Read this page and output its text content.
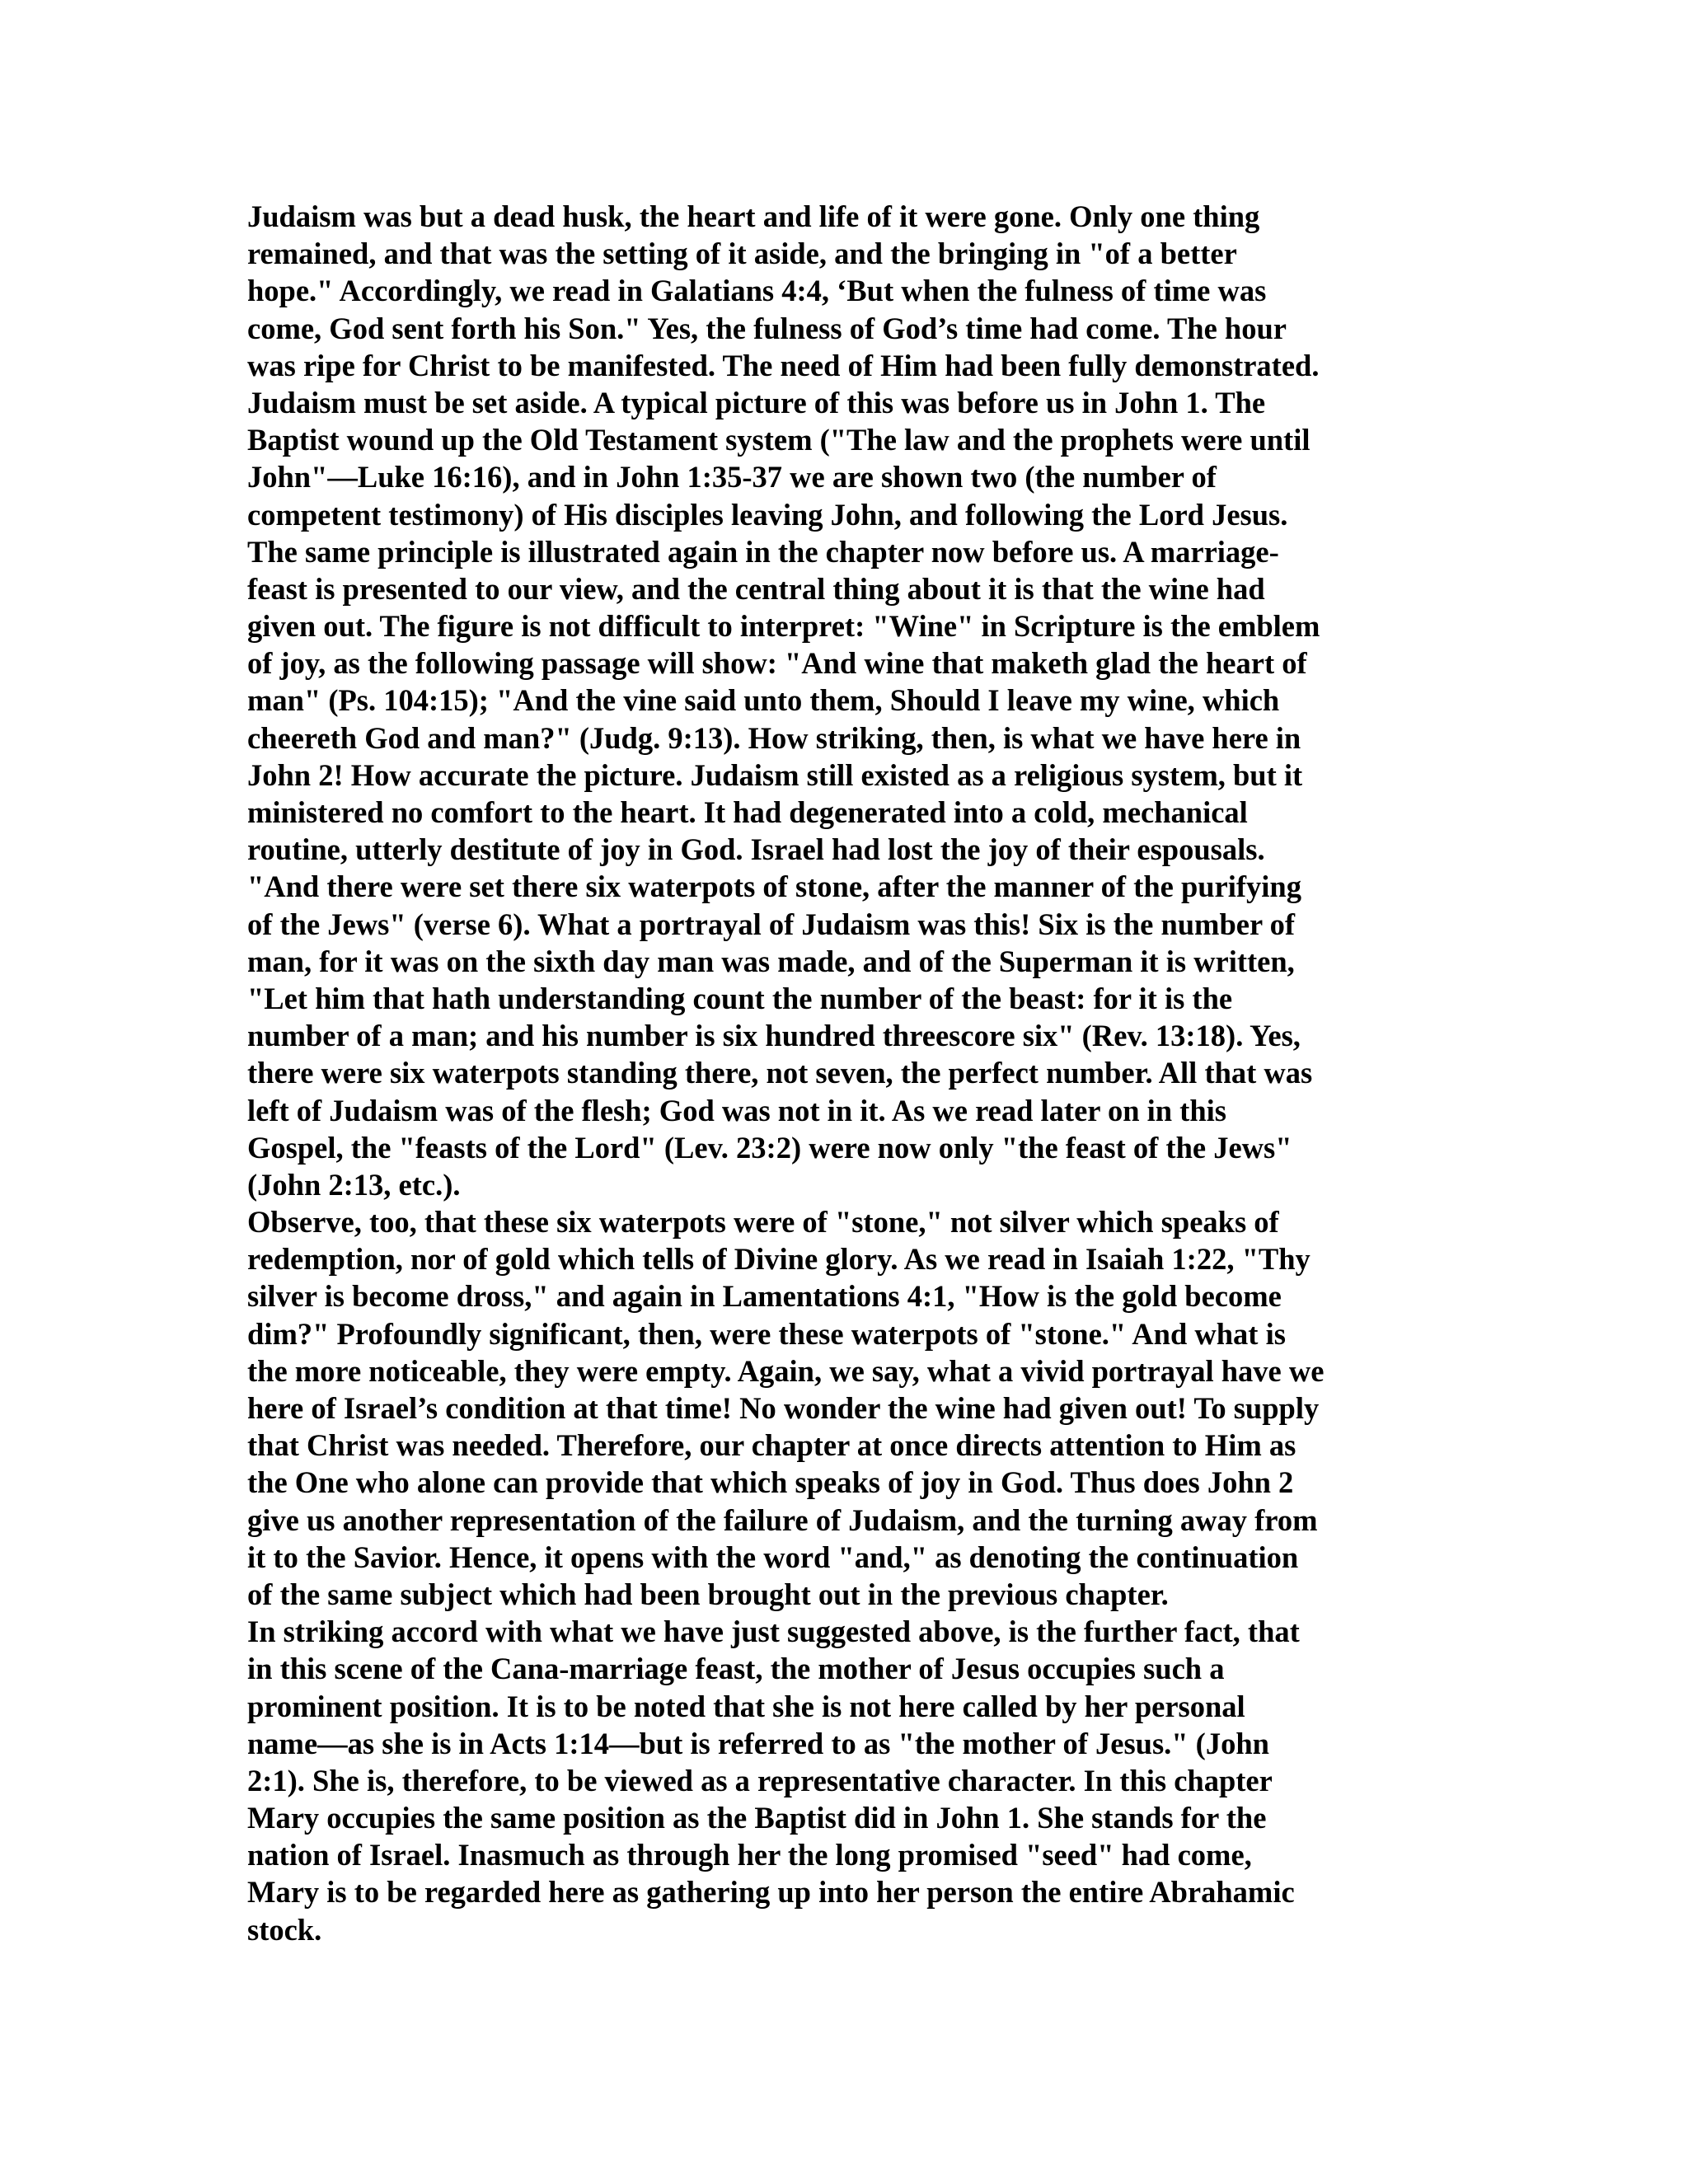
Judaism was but a dead husk, the heart and life of it were gone. Only one thing
remained, and that was the setting of it aside, and the bringing in "of a better
hope." Accordingly, we read in Galatians 4:4, ‘But when the fulness of time was
come, God sent forth his Son." Yes, the fulness of God’s time had come. The hour
was ripe for Christ to be manifested. The need of Him had been fully demonstrated.
Judaism must be set aside. A typical picture of this was before us in John 1. The
Baptist wound up the Old Testament system ("The law and the prophets were until
John"—Luke 16:16), and in John 1:35-37 we are shown two (the number of
competent testimony) of His disciples leaving John, and following the Lord Jesus.
The same principle is illustrated again in the chapter now before us. A marriage-
feast is presented to our view, and the central thing about it is that the wine had
given out. The figure is not difficult to interpret: "Wine" in Scripture is the emblem
of joy, as the following passage will show: "And wine that maketh glad the heart of
man" (Ps. 104:15); "And the vine said unto them, Should I leave my wine, which
cheereth God and man?" (Judg. 9:13). How striking, then, is what we have here in
John 2! How accurate the picture. Judaism still existed as a religious system, but it
ministered no comfort to the heart. It had degenerated into a cold, mechanical
routine, utterly destitute of joy in God. Israel had lost the joy of their espousals.
"And there were set there six waterpots of stone, after the manner of the purifying
of the Jews" (verse 6). What a portrayal of Judaism was this! Six is the number of
man, for it was on the sixth day man was made, and of the Superman it is written,
"Let him that hath understanding count the number of the beast: for it is the
number of a man; and his number is six hundred threescore six" (Rev. 13:18). Yes,
there were six waterpots standing there, not seven, the perfect number. All that was
left of Judaism was of the flesh; God was not in it. As we read later on in this
Gospel, the "feasts of the Lord" (Lev. 23:2) were now only "the feast of the Jews"
(John 2:13, etc.).
Observe, too, that these six waterpots were of "stone," not silver which speaks of
redemption, nor of gold which tells of Divine glory. As we read in Isaiah 1:22, "Thy
silver is become dross," and again in Lamentations 4:1, "How is the gold become
dim?" Profoundly significant, then, were these waterpots of "stone." And what is
the more noticeable, they were empty. Again, we say, what a vivid portrayal have we
here of Israel’s condition at that time! No wonder the wine had given out! To supply
that Christ was needed. Therefore, our chapter at once directs attention to Him as
the One who alone can provide that which speaks of joy in God. Thus does John 2
give us another representation of the failure of Judaism, and the turning away from
it to the Savior. Hence, it opens with the word "and," as denoting the continuation
of the same subject which had been brought out in the previous chapter.
In striking accord with what we have just suggested above, is the further fact, that
in this scene of the Cana-marriage feast, the mother of Jesus occupies such a
prominent position. It is to be noted that she is not here called by her personal
name—as she is in Acts 1:14—but is referred to as "the mother of Jesus." (John
2:1). She is, therefore, to be viewed as a representative character. In this chapter
Mary occupies the same position as the Baptist did in John 1. She stands for the
nation of Israel. Inasmuch as through her the long promised "seed" had come,
Mary is to be regarded here as gathering up into her person the entire Abrahamic
stock.
